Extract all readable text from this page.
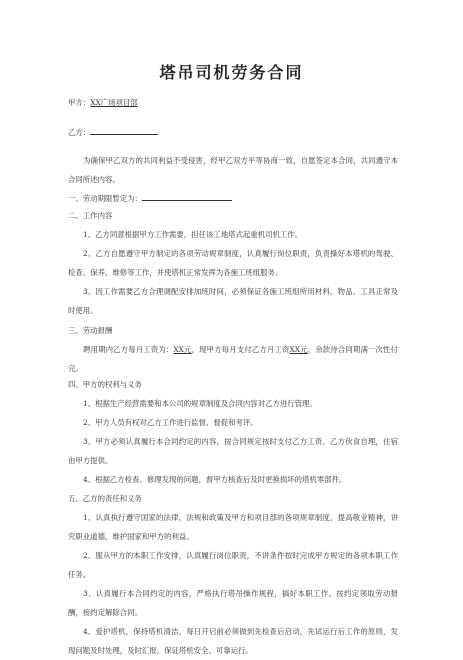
塔吊司机劳务合同
甲方：XX广场项目部
乙方：
为确保甲乙双方的共同利益不受侵害，经甲乙双方平等协商一致，自愿签定本合同，共同遵守本合同所述内容。
一、劳动期限暂定为：
二、工作内容
1、乙方同意根据甲方工作需要，担任该工地塔式起重机司机工作。
2、乙方自愿遵守甲方制定的各项劳动规章制度，认真履行岗位职责，负责操好本塔机的驾驶、检查、保养、维修等工作，并使塔机正常发挥为各施工班组服务。
3、因工作需要乙方合理调配安排加班时间，必须保证各施工班组所用材料、物品、工具正常及时使用。
三、劳动报酬
聘用期内乙方每月工资为：XX元，现甲方每月支付乙方月工资XX元，余款待合同期满一次性付完。
四、甲方的权利与义务
1、根据生产经营需要和本公司的规章制度及合同内容对乙方进行管理。
2、甲方人员有权对乙方工作进行监督、督促和考评。
3、甲方必须认真履行本合同约定的内容，按合同规定按时支付乙方工资。乙方伙食自理，住宿由甲方提供。
4、根据乙方检查、修理发现的问题，督甲方核查后及时更换损坏的塔机零部件。
五、乙方的责任和义务
1、认真执行遵守国家的法律、法规和政策及甲方和项目部的各项规章制度，提高敬业精神，讲究职业道德，维护国家和甲方的利益。
2、服从甲方的本职工作安排，认真履行岗位职责，不讲条件按时完成甲方规定的各项本职工作任务。
3、认真履行本合同约定的内容，严格执行塔吊操作规程，搞好本职工作。按约定领取劳动报酬，接约定解除合同。
4、爱护塔机，保持塔机清洁，每日开启前必须做到先检查后启动，先试运行后工作的原则，发现问题及时处理，及时汇报，保证塔机安全、可靠运行。
